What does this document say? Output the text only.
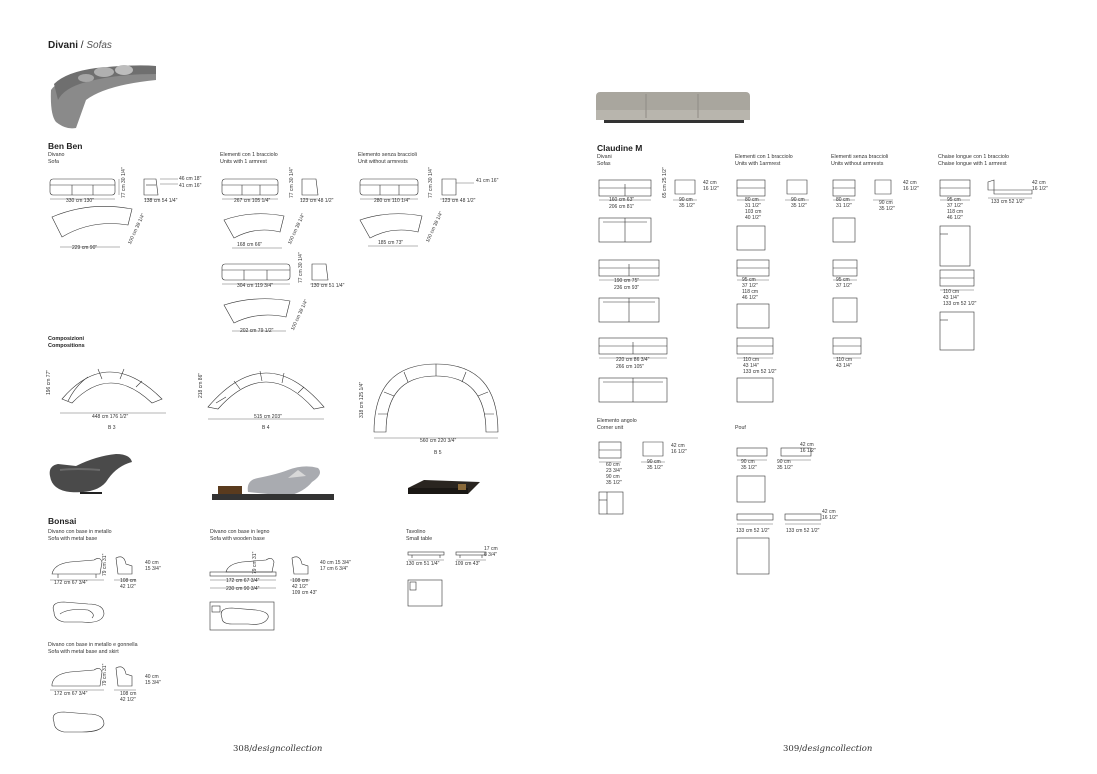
Divani / Sofas
Ben Ben
Divano
Sofa
Elementi con 1 bracciolo
Units with 1 armrest
Elemento senza braccioli
Unit without armrests
330 cm 130"
77 cm 30 1/4"
138 cm 54 1/4"
46 cm 18"
41 cm 16"
229 cm 90"
100 cm 39 1/4"
267 cm 105 1/4"	123 cm 48 1/2"
77 cm 30 1/4"
168 cm 66"	100 cm 39 1/4"
304 cm 119 3/4"	130 cm 51 1/4"
77 cm 30 1/4"
202 cm 79 1/2"	100 cm 39 1/4"
280 cm 110 1/4"	123 cm 48 1/2"
77 cm 30 1/4"	41 cm 16"
185 cm 73"	100 cm 39 1/4"
Composizioni
Compositions
448 cm 176 1/2"
196 cm 77"
B 3
515 cm 203"
218 cm 86"
B 4
560 cm 220 3/4"
318 cm 125 1/4"
B 5
Bonsai
Divano con base in metallo
Sofa with metal base
Divano con base in legno
Sofa with wooden base
Tavolino
Small table
172 cm 67 3/4"
79 cm 31"
108 cm
42 1/2"
40 cm
15 3/4"
172 cm 67 3/4"
230 cm 90 3/4"
79 cm 31"
108 cm
42 1/2"
109 cm 43"
40 cm 15 3/4"
17 cm 6 3/4"
130 cm 51 1/4"	109 cm 43"
17 cm
6 3/4"
Divano con base in metallo e gonnella
Sofa with metal base and skirt
172 cm 67 3/4"
79 cm 31"
108 cm
42 1/2"
40 cm
15 3/4"
308/designcollection
Claudine M
Divani
Sofas
Elementi con 1 bracciolo
Units with 1armrest
Elementi senza braccioli
Units without armrests
Chaise longue con 1 bracciolo
Chaise longue with 1 armrest
160 cm 63"
206 cm 81"
65 cm 25 1/2"
90 cm
35 1/2"
42 cm
16 1/2"
190 cm 75"
236 cm 93"
220 cm 86 3/4"
266 cm 105"
80 cm
31 1/2"
103 cm
40 1/2"
90 cm
35 1/2"
95 cm
37 1/2"
118 cm
46 1/2"
110 cm
43 1/4"
133 cm 52 1/2"
80 cm
31 1/2"	90 cm
35 1/2"
42 cm
16 1/2"
95 cm
37 1/2"
110 cm
43 1/4"
95 cm
37 1/2"
118 cm
46 1/2"
133 cm 52 1/2"
42 cm
16 1/2"
110 cm
43 1/4"
133 cm 52 1/2"
Elemento angolo
Corner unit
60 cm
23 3/4"
90 cm
35 1/2"
90 cm
35 1/2"
42 cm
16 1/2"
Pouf
90 cm
35 1/2"
90 cm
35 1/2"
42 cm
16 1/2"
42 cm
16 1/2"
133 cm 52 1/2"	133 cm 52 1/2"
309/designcollection
